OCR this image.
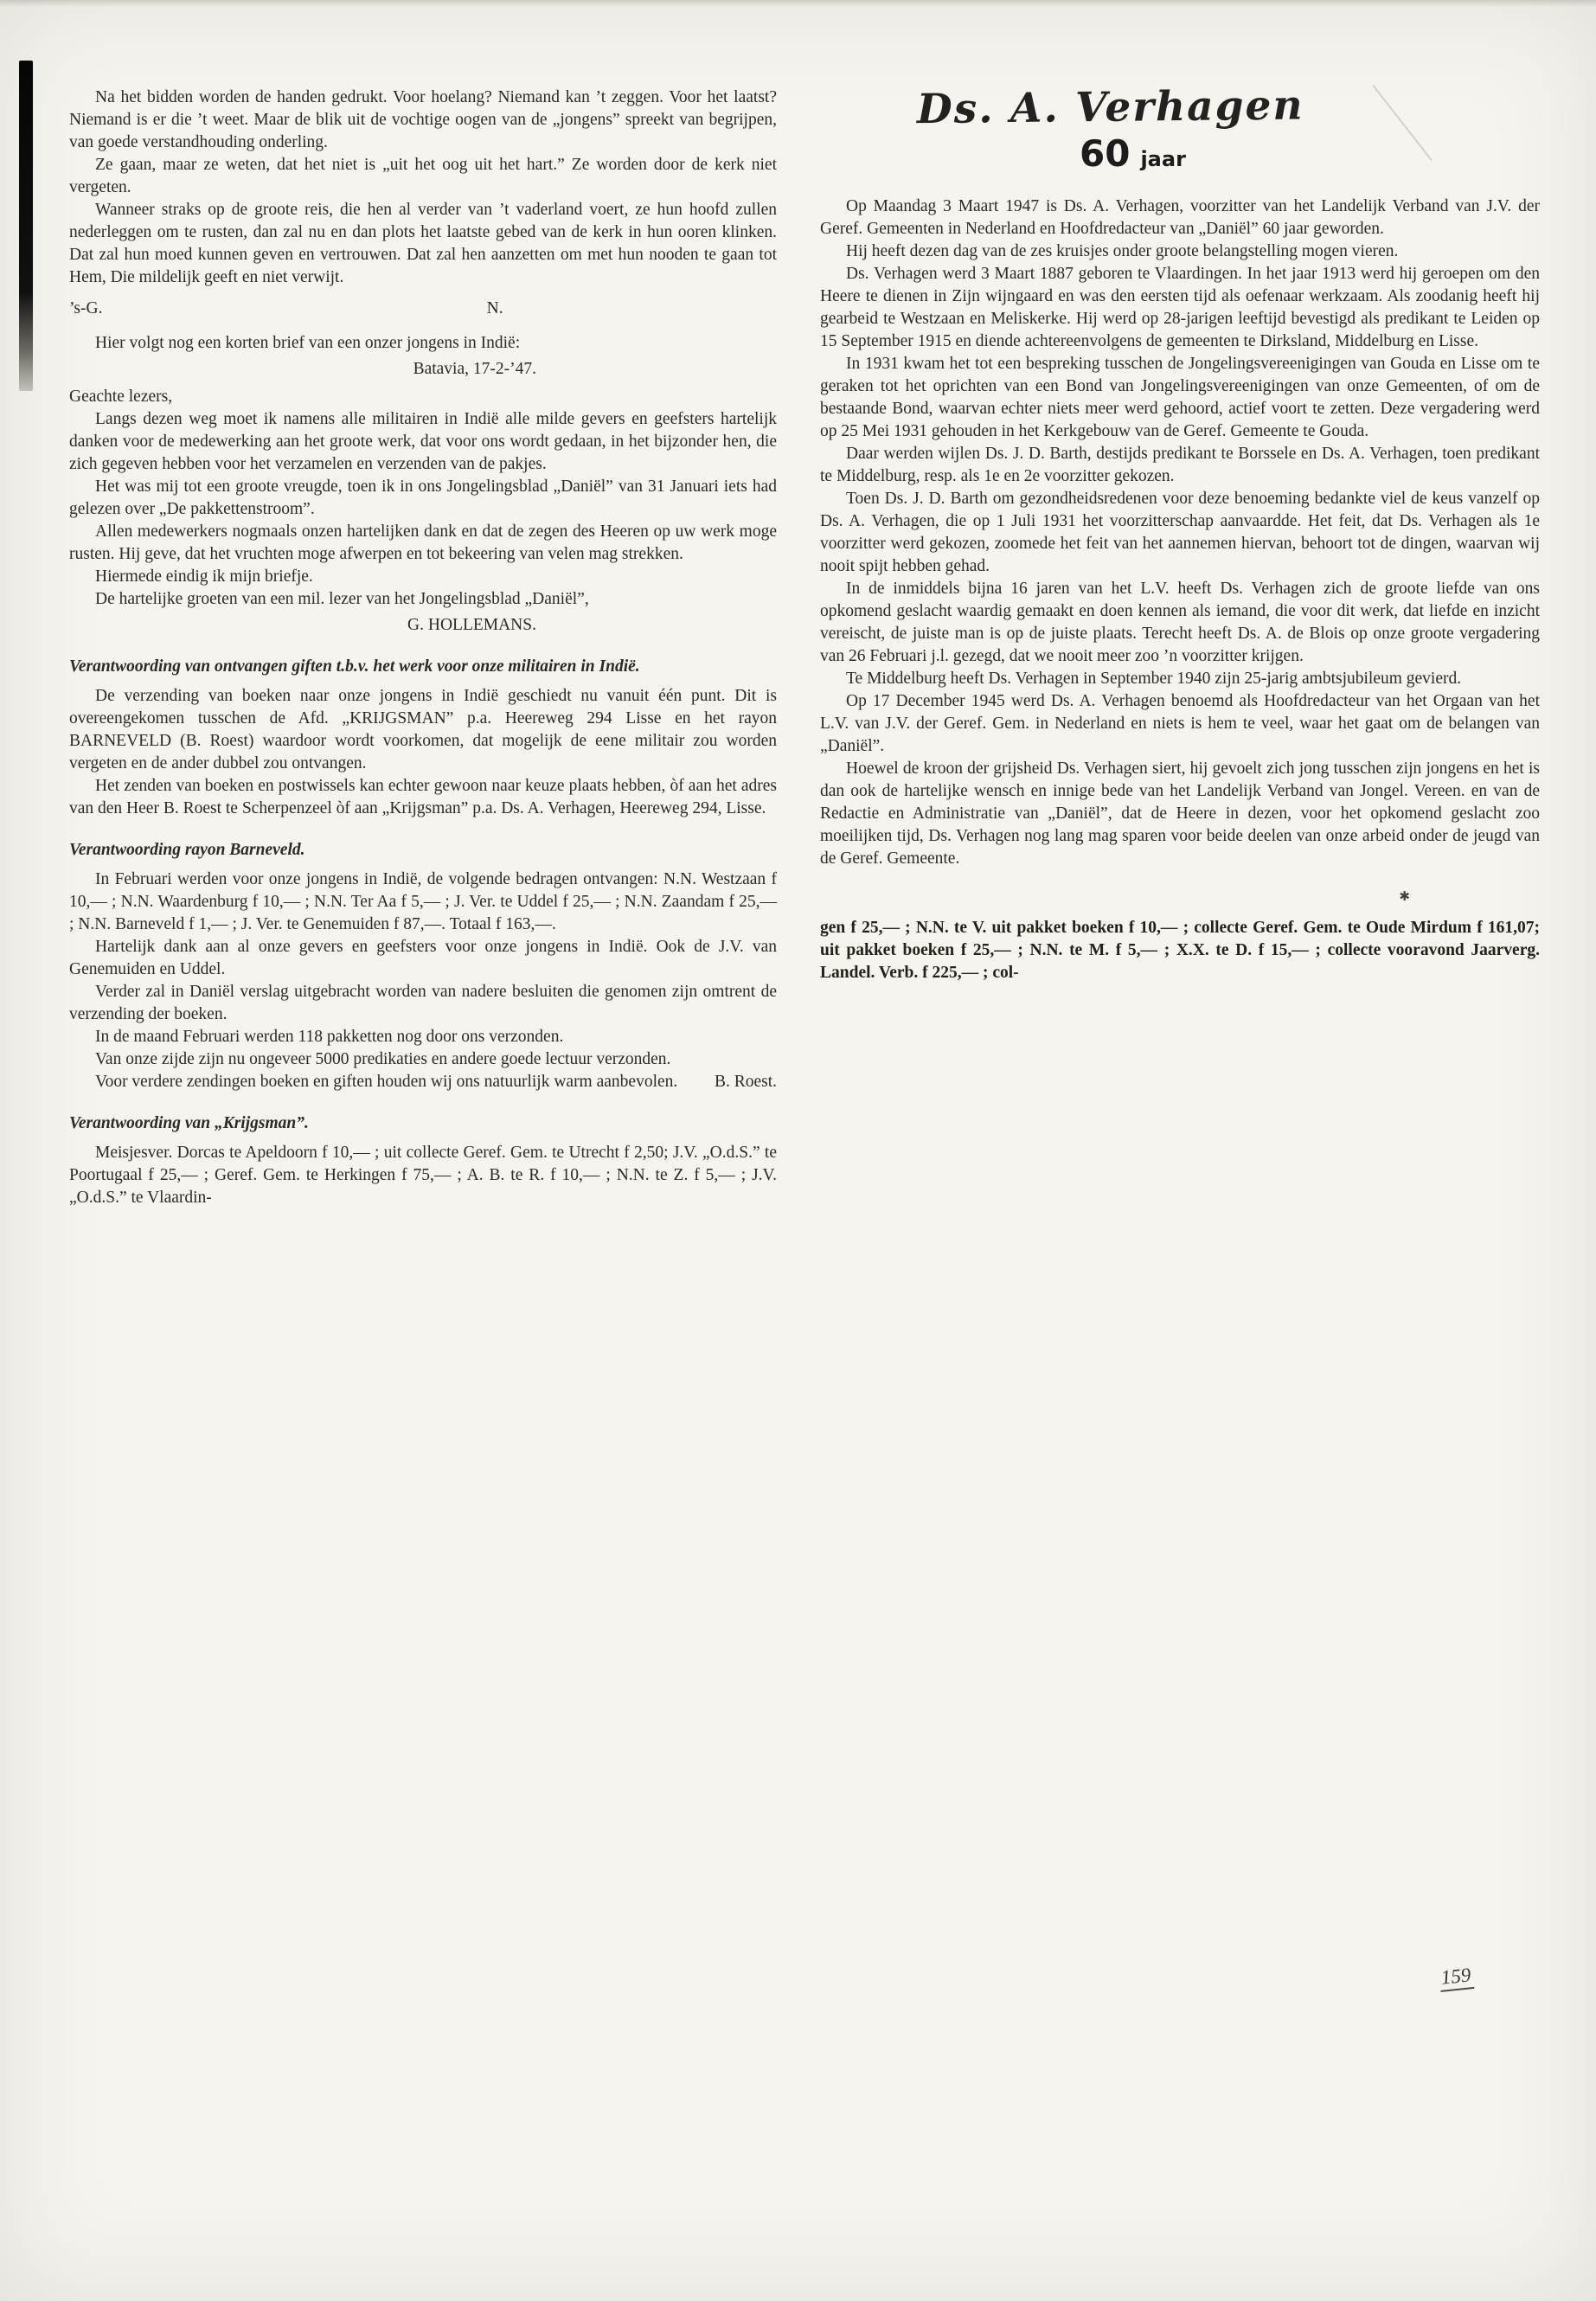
Na het bidden worden de handen gedrukt. Voor hoelang? Niemand kan ’t zeggen. Voor het laatst? Niemand is er die ’t weet. Maar de blik uit de vochtige oogen van de „jongens” spreekt van begrijpen, van goede verstandhouding onderling.
Ze gaan, maar ze weten, dat het niet is „uit het oog uit het hart.” Ze worden door de kerk niet vergeten.
Wanneer straks op de groote reis, die hen al verder van ’t vaderland voert, ze hun hoofd zullen nederleggen om te rusten, dan zal nu en dan plots het laatste gebed van de kerk in hun ooren klinken. Dat zal hun moed kunnen geven en vertrouwen. Dat zal hen aanzetten om met hun nooden te gaan tot Hem, Die mildelijk geeft en niet verwijt.
’s-G.	N.
Hier volgt nog een korten brief van een onzer jongens in Indië:
Batavia, 17-2-’47.
Geachte lezers,
Langs dezen weg moet ik namens alle militairen in Indië alle milde gevers en geefsters hartelijk danken voor de medewerking aan het groote werk, dat voor ons wordt gedaan, in het bijzonder hen, die zich gegeven hebben voor het verzamelen en verzenden van de pakjes.
Het was mij tot een groote vreugde, toen ik in ons Jongelingsblad „Daniël” van 31 Januari iets had gelezen over „De pakkettenstroom”.
Allen medewerkers nogmaals onzen hartelijken dank en dat de zegen des Heeren op uw werk moge rusten. Hij geve, dat het vruchten moge afwerpen en tot bekeering van velen mag strekken.
Hiermede eindig ik mijn briefje.
De hartelijke groeten van een mil. lezer van het Jongelingsblad „Daniël”,
G. HOLLEMANS.
Verantwoording van ontvangen giften t.b.v. het werk voor onze militairen in Indië.
De verzending van boeken naar onze jongens in Indië geschiedt nu vanuit één punt. Dit is overeengekomen tusschen de Afd. „KRIJGSMAN” p.a. Heereweg 294 Lisse en het rayon BARNEVELD (B. Roest) waardoor wordt voorkomen, dat mogelijk de eene militair zou worden vergeten en de ander dubbel zou ontvangen.
Het zenden van boeken en postwissels kan echter gewoon naar keuze plaats hebben, òf aan het adres van den Heer B. Roest te Scherpenzeel òf aan „Krijgsman” p.a. Ds. A. Verhagen, Heereweg 294, Lisse.
Verantwoording rayon Barneveld.
In Februari werden voor onze jongens in Indië, de volgende bedragen ontvangen: N.N. Westzaan f 10,— ; N.N. Waardenburg f 10,— ; N.N. Ter Aa f 5,— ; J. Ver. te Uddel f 25,— ; N.N. Zaandam f 25,— ; N.N. Barneveld f 1,— ; J. Ver. te Genemuiden f 87,—. Totaal f 163,—.
Hartelijk dank aan al onze gevers en geefsters voor onze jongens in Indië. Ook de J.V. van Genemuiden en Uddel.
Verder zal in Daniël verslag uitgebracht worden van nadere besluiten die genomen zijn omtrent de verzending der boeken.
In de maand Februari werden 118 pakketten nog door ons verzonden.
Van onze zijde zijn nu ongeveer 5000 predikaties en andere goede lectuur verzonden.
Voor verdere zendingen boeken en giften houden wij ons natuurlijk warm aanbevolen.	B. Roest.
Verantwoording van „Krijgsman”.
Meisjesver. Dorcas te Apeldoorn f 10,— ; uit collecte Geref. Gem. te Utrecht f 2,50; J.V. „O.d.S.” te Poortugaal f 25,— ; Geref. Gem. te Herkingen f 75,— ; A. B. te R. f 10,— ; N.N. te Z. f 5,— ; J.V. „O.d.S.” te Vlaardin-
Ds. A. Verhagen
60 jaar
Op Maandag 3 Maart 1947 is Ds. A. Verhagen, voorzitter van het Landelijk Verband van J.V. der Geref. Gemeenten in Nederland en Hoofdredacteur van „Daniël” 60 jaar geworden.
Hij heeft dezen dag van de zes kruisjes onder groote belangstelling mogen vieren.
Ds. Verhagen werd 3 Maart 1887 geboren te Vlaardingen. In het jaar 1913 werd hij geroepen om den Heere te dienen in Zijn wijngaard en was den eersten tijd als oefenaar werkzaam. Als zoodanig heeft hij gearbeid te Westzaan en Meliskerke. Hij werd op 28-jarigen leeftijd bevestigd als predikant te Leiden op 15 September 1915 en diende achtereenvolgens de gemeenten te Dirksland, Middelburg en Lisse.
In 1931 kwam het tot een bespreking tusschen de Jongelingsvereenigingen van Gouda en Lisse om te geraken tot het oprichten van een Bond van Jongelingsvereenigingen van onze Gemeenten, of om de bestaande Bond, waarvan echter niets meer werd gehoord, actief voort te zetten. Deze vergadering werd op 25 Mei 1931 gehouden in het Kerkgebouw van de Geref. Gemeente te Gouda.
Daar werden wijlen Ds. J. D. Barth, destijds predikant te Borssele en Ds. A. Verhagen, toen predikant te Middelburg, resp. als 1e en 2e voorzitter gekozen.
Toen Ds. J. D. Barth om gezondheidsredenen voor deze benoeming bedankte viel de keus vanzelf op Ds. A. Verhagen, die op 1 Juli 1931 het voorzitterschap aanvaardde. Het feit, dat Ds. Verhagen als 1e voorzitter werd gekozen, zoomede het feit van het aannemen hiervan, behoort tot de dingen, waarvan wij nooit spijt hebben gehad.
In de inmiddels bijna 16 jaren van het L.V. heeft Ds. Verhagen zich de groote liefde van ons opkomend geslacht waardig gemaakt en doen kennen als iemand, die voor dit werk, dat liefde en inzicht vereischt, de juiste man is op de juiste plaats. Terecht heeft Ds. A. de Blois op onze groote vergadering van 26 Februari j.l. gezegd, dat we nooit meer zoo ’n voorzitter krijgen.
Te Middelburg heeft Ds. Verhagen in September 1940 zijn 25-jarig ambtsjubileum gevierd.
Op 17 December 1945 werd Ds. A. Verhagen benoemd als Hoofdredacteur van het Orgaan van het L.V. van J.V. der Geref. Gem. in Nederland en niets is hem te veel, waar het gaat om de belangen van „Daniël”.
Hoewel de kroon der grijsheid Ds. Verhagen siert, hij gevoelt zich jong tusschen zijn jongens en het is dan ook de hartelijke wensch en innige bede van het Landelijk Verband van Jongel. Vereen. en van de Redactie en Administratie van „Daniël”, dat de Heere in dezen, voor het opkomend geslacht zoo moeilijken tijd, Ds. Verhagen nog lang mag sparen voor beide deelen van onze arbeid onder de jeugd van de Geref. Gemeente.
✱
gen f 25,— ; N.N. te V. uit pakket boeken f 10,— ; collecte Geref. Gem. te Oude Mirdum f 161,07; uit pakket boeken f 25,— ; N.N. te M. f 5,— ; X.X. te D. f 15,— ; collecte vooravond Jaarverg. Landel. Verb. f 225,— ; col-
159
